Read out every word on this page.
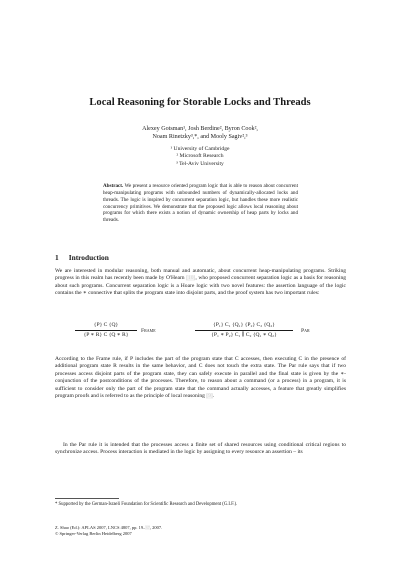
Local Reasoning for Storable Locks and Threads
Alexey Gotsman¹, Josh Berdine², Byron Cook²,
Noam Rinetzky³,*, and Mooly Sagiv²,³
¹ University of Cambridge
² Microsoft Research
³ Tel-Aviv University
Abstract. We present a resource oriented program logic that is able to reason about concurrent heap-manipulating programs with unbounded numbers of dynamically-allocated locks and threads. The logic is inspired by concurrent separation logic, but handles these more realistic concurrency primitives. We demonstrate that the proposed logic allows local reasoning about programs for which there exists a notion of dynamic ownership of heap parts by locks and threads.
1 Introduction
We are interested in modular reasoning, both manual and automatic, about concurrent heap-manipulating programs. Striking progress in this realm has recently been made by O'Hearn [10], who proposed concurrent separation logic as a basis for reasoning about such programs. Concurrent separation logic is a Hoare logic with two novel features: the assertion language of the logic contains the ∗ connective that splits the program state into disjoint parts, and the proof system has two important rules:
{P} C {Q}
{P ∗ R} C {Q ∗ R}
Frame
{P₁} C₁ {Q₁} {P₂} C₂ {Q₂}
{P₁ ∗ P₂} C₁ ∥ C₂ {Q₁ ∗ Q₂}
Par
According to the Frame rule, if P includes the part of the program state that C accesses, then executing C in the presence of additional program state R results in the same behavior, and C does not touch the extra state. The Par rule says that if two processes access disjoint parts of the program state, they can safely execute in parallel and the final state is given by the ∗-conjunction of the postconditions of the processes. Therefore, to reason about a command (or a process) in a program, it is sufficient to consider only the part of the program state that the command actually accesses, a feature that greatly simplifies program proofs and is referred to as the principle of local reasoning [9].
In the Par rule it is intended that the processes access a finite set of shared resources using conditional critical regions to synchronize access. Process interaction is mediated in the logic by assigning to every resource an assertion – its
* Supported by the German-Israeli Foundation for Scientific Research and Development (G.I.F.).
Z. Shao (Ed.): APLAS 2007, LNCS 4807, pp. 19–37, 2007.
© Springer-Verlag Berlin Heidelberg 2007
